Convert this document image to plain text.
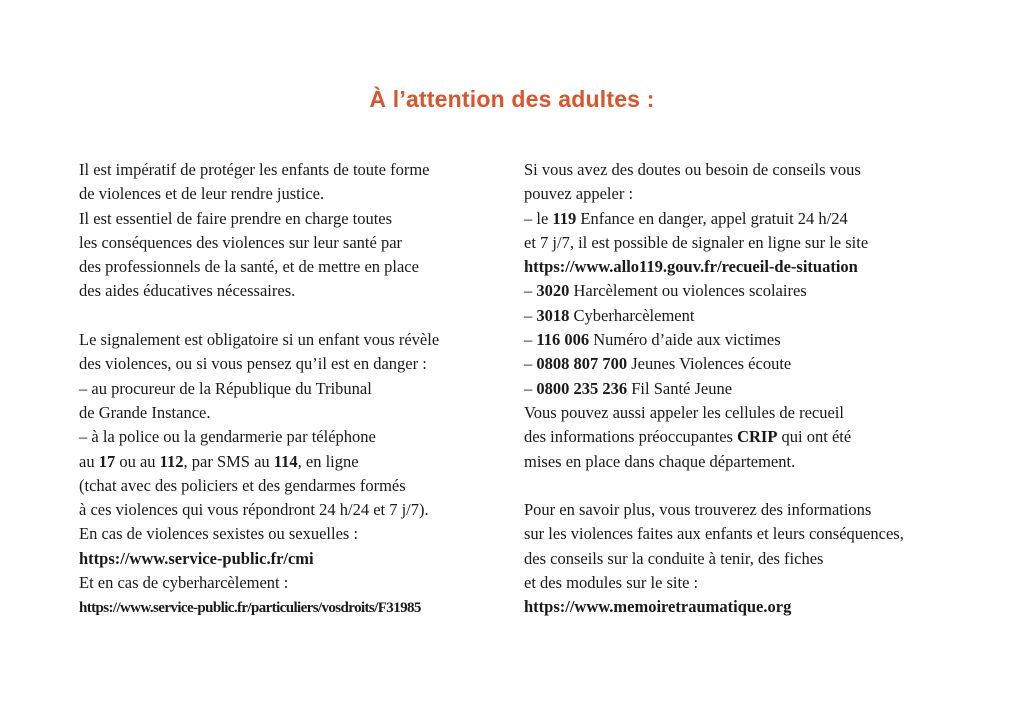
À l’attention des adultes :
Il est impératif de protéger les enfants de toute forme
de violences et de leur rendre justice.
Il est essentiel de faire prendre en charge toutes
les conséquences des violences sur leur santé par
des professionnels de la santé, et de mettre en place
des aides éducatives nécessaires.
Le signalement est obligatoire si un enfant vous révèle
des violences, ou si vous pensez qu’il est en danger :
– au procureur de la République du Tribunal
de Grande Instance.
– à la police ou la gendarmerie par téléphone
au 17 ou au 112, par SMS au 114, en ligne
(tchat avec des policiers et des gendarmes formés
à ces violences qui vous répondront 24 h/24 et 7 j/7).
En cas de violences sexistes ou sexuelles :
https://www.service-public.fr/cmi
Et en cas de cyberharcèlement :
https://www.service-public.fr/particuliers/vosdroits/F31985
Si vous avez des doutes ou besoin de conseils vous
pouvez appeler :
– le 119 Enfance en danger, appel gratuit 24 h/24
et 7 j/7, il est possible de signaler en ligne sur le site
https://www.allo119.gouv.fr/recueil-de-situation
– 3020 Harcèlement ou violences scolaires
– 3018 Cyberharcèlement
– 116 006 Numéro d’aide aux victimes
– 0808 807 700 Jeunes Violences écoute
– 0800 235 236 Fil Santé Jeune
Vous pouvez aussi appeler les cellules de recueil
des informations préoccupantes CRIP qui ont été
mises en place dans chaque département.
Pour en savoir plus, vous trouverez des informations
sur les violences faites aux enfants et leurs conséquences,
des conseils sur la conduite à tenir, des fiches
et des modules sur le site :
https://www.memoiretraumatique.org
